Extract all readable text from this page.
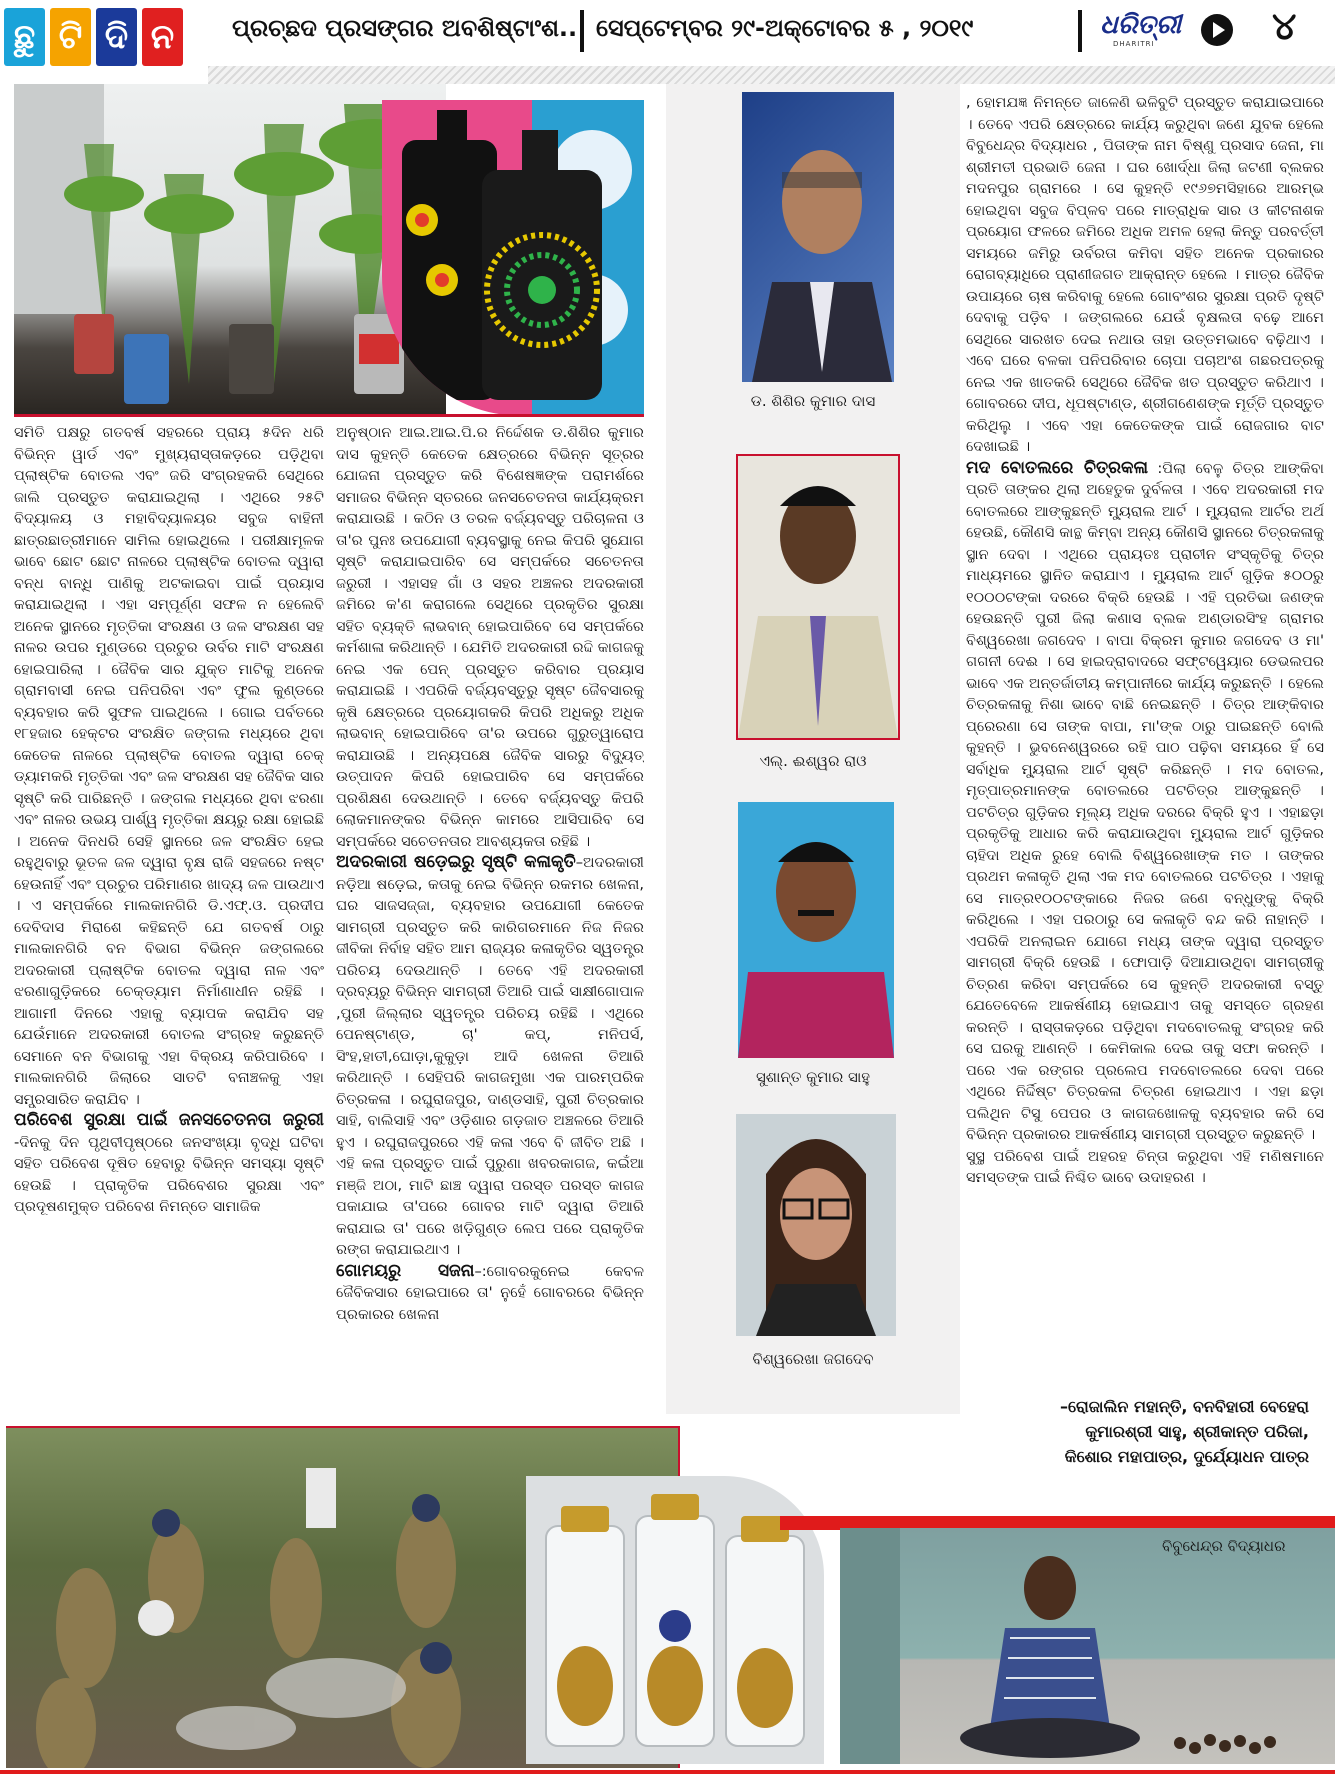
ଛୁ ଟି ଦି ନ	ପ୍ରଚ୍ଛଦ ପ୍ରସଙ୍ଗର ଅବଶିଷ୍ଟାଂଶ.. ସେପ୍ଟେମ୍ବର ୨୯-ଅକ୍ଟୋବର ୫ , ୨୦୧୯	ଧରିତ୍ରୀ
DHARITRI	୪

ସମିତି ପକ୍ଷରୁ ଗତବର୍ଷ ସହରରେ ପ୍ରାୟ ୫ଦିନ ଧରି ବିଭିନ୍ନ ୱାର୍ଡ ଏବଂ ମୁଖ୍ୟରାସ୍ତାକଡ଼ରେ ପଡ଼ିଥିବା ପ୍ଲାଷ୍ଟିକ ବୋତଲ ଏବଂ ଜରି ସଂଗ୍ରହକରି ସେଥିରେ ଜାଲି ପ୍ରସ୍ତୁତ କରାଯାଇଥିଲା । ଏଥିରେ ୨୫ଟି ବିଦ୍ୟାଳୟ ଓ ମହାବିଦ୍ୟାଳୟର ସବୁଜ ବାହିନୀ ଛାତ୍ରଛାତ୍ରୀମାନେ ସାମିଲ ହୋଇଥିଲେ । ପରୀକ୍ଷାମୂଳକ ଭାବେ ଛୋଟ ଛୋଟ ନାଳରେ ପ୍ଲାଷ୍ଟିକ ବୋତଲ ଦ୍ୱାରା ବନ୍ଧ ବାନ୍ଧି ପାଣିକୁ ଅଟକାଇବା ପାଇଁ ପ୍ରୟାସ କରାଯାଇଥିଲା । ଏହା ସମ୍ପୂର୍ଣ୍ଣ ସଫଳ ନ ହେଲେବି ଅନେକ ସ୍ଥାନରେ ମୃତ୍ତିକା ସଂରକ୍ଷଣ ଓ ଜଳ ସଂରକ୍ଷଣ ସହ ନାଳର ଉପର ମୁଣ୍ଡରେ ପ୍ରଚୁର ଉର୍ବର ମାଟି ସଂରକ୍ଷଣ ହୋଇପାରିଲା । ଜୈବିକ ସାର ଯୁକ୍ତ ମାଟିକୁ ଅନେକ ଗ୍ରାମବାସୀ ନେଇ ପନିପରିବା ଏବଂ ଫୁଲ କୁଣ୍ଡରେ ବ୍ୟବହାର କରି ସୁଫଳ ପାଇଥିଲେ । ଗୋଇ ପର୍ବତରେ ୧୮ହଜାର ହେକ୍ଟର ସଂରକ୍ଷିତ ଜଙ୍ଗଲ ମଧ୍ୟରେ ଥିବା କେତେକ ନାଳରେ ପ୍ଲାଷ୍ଟିକ ବୋତଲ ଦ୍ୱାରା ଚେକ୍ ଡ୍ୟାମକରି ମୃତ୍ତିକା ଏବଂ ଜଳ ସଂରକ୍ଷଣ ସହ ଜୈବିକ ସାର ସୃଷ୍ଟି କରି ପାରିଛନ୍ତି । ଜଙ୍ଗଲ ମଧ୍ୟରେ ଥିବା ଝରଣା ଏବଂ ନାଳର ଉଭୟ ପାର୍ଶ୍ୱ ମୃତ୍ତିକା କ୍ଷୟରୁ ରକ୍ଷା ହୋଇଛି । ଅନେକ ଦିନଧରି ସେହି ସ୍ଥାନରେ ଜଳ ସଂରକ୍ଷିତ ହେଇ ରହୁଥିବାରୁ ଭୂତଳ ଜଳ ଦ୍ୱାରା ବୃକ୍ଷ ରାଜି ସହଜରେ ନଷ୍ଟ ହେଉନାହିଁ ଏବଂ ପ୍ରଚୁର ପରିମାଣର ଖାଦ୍ୟ ଜଳ ପାଉଥାଏ । ଏ ସମ୍ପର୍କରେ ମାଲକାନଗିରି ଡି.ଏଫ୍.ଓ. ପ୍ରଦୀପ ଦେବିଦାସ ମିରାଶେ କହିଛନ୍ତି ଯେ ଗତବର୍ଷ ଠାରୁ ମାଲକାନଗିରି ବନ ବିଭାଗ ବିଭିନ୍ନ ଜଙ୍ଗଲରେ ଅଦରକାରୀ ପ୍ଲାଷ୍ଟିକ ବୋତଲ ଦ୍ୱାରା ନାଳ ଏବଂ ଝରଣାଗୁଡ଼ିକରେ ଚେକ୍ଡ୍ୟାମ ନିର୍ମାଣାଧୀନ ରହିଛି । ଆଗାମୀ ଦିନରେ ଏହାକୁ ବ୍ୟାପକ କରାଯିବ ସହ ଯେଉଁମାନେ ଅଦରକାରୀ ବୋତଲ ସଂଗ୍ରହ କରୁଛନ୍ତି ସେମାନେ ବନ ବିଭାଗକୁ ଏହା ବିକ୍ରୟ କରିପାରିବେ । ମାଲକାନଗିରି ଜିଲାରେ ସାତଟି ବନାଞ୍ଚଳକୁ ଏହା ସମ୍ପ୍ରସାରିତ କରାଯିବ ।

ପରିବେଶ ସୁରକ୍ଷା ପାଇଁ ଜନସଚେତନତା ଜରୁରୀ -ଦିନକୁ ଦିନ ପୃଥିବୀପୃଷ୍ଠରେ ଜନସଂଖ୍ୟା ବୃଦ୍ଧି ଘଟିବା ସହିତ ପରିବେଶ ଦୂଷିତ ହେବାରୁ ବିଭିନ୍ନ ସମସ୍ୟା ସୃଷ୍ଟି ହେଉଛି । ପ୍ରାକୃତିକ ପରିବେଶର ସୁରକ୍ଷା ଏବଂ ପ୍ରଦୂଷଣମୁକ୍ତ ପରିବେଶ ନିମନ୍ତେ ସାମାଜିକ

ଅନୁଷ୍ଠାନ ଆଇ.ଆଇ.ପି.ର ନିର୍ଦ୍ଦେଶକ ଡ.ଶିଶିର କୁମାର ଦାସ କୁହନ୍ତି କେତେକ କ୍ଷେତ୍ରରେ ବିଭିନ୍ନ ସୂତ୍ରର ଯୋଜନା ପ୍ରସ୍ତୁତ କରି ବିଶେଷଜ୍ଞଙ୍କ ପରାମର୍ଶରେ ସମାଜର ବିଭିନ୍ନ ସ୍ତରରେ ଜନସଚେତନତା କାର୍ଯ୍ୟକ୍ରମ କରାଯାଉଛି । କଠିନ ଓ ତରଳ ବର୍ଜ୍ୟବସ୍ତୁ ପରିଚାଳନା ଓ ତା'ର ପୁନଃ ଉପଯୋଗୀ ବ୍ୟବସ୍ଥାକୁ ନେଇ କିପରି ସୁଯୋଗ ସୃଷ୍ଟି କରାଯାଇପାରିବ ସେ ସମ୍ପର୍କରେ ସଚେତନତା ଜରୁରୀ । ଏହାସହ ଗାଁ ଓ ସହର ଅଞ୍ଚଳର ଅଦରକାରୀ ଜମିରେ କ'ଣ କରାଗଲେ ସେଥିରେ ପ୍ରକୃତିର ସୁରକ୍ଷା ସହିତ ବ୍ୟକ୍ତି ଲାଭବାନ୍ ହୋଇପାରିବେ ସେ ସମ୍ପର୍କରେ କର୍ମଶାଳା କରିଥାନ୍ତି । ଯେମିତି ଅଦରକାରୀ ରଦ୍ଦି କାଗଜକୁ ନେଇ ଏକ ପେନ୍ ପ୍ରସ୍ତୁତ କରିବାର ପ୍ରୟାସ କରାଯାଇଛି । ଏପରିକି ବର୍ଜ୍ୟବସ୍ତୁରୁ ସୃଷ୍ଟ ଜୈବସାରକୁ କୃଷି କ୍ଷେତ୍ରରେ ପ୍ରୟୋଗକରି କିପରି ଅଧିକରୁ ଅଧିକ ଲାଭବାନ୍ ହୋଇପାରିବେ ତା'ର ଉପରେ ଗୁରୁତ୍ୱାରୋପ କରାଯାଉଛି । ଅନ୍ୟପକ୍ଷେ ଜୈବିକ ସାରରୁ ବିଦ୍ୟୁତ୍ ଉତ୍ପାଦନ କିପରି ହୋଇପାରିବ ସେ ସମ୍ପର୍କରେ ପ୍ରଶିକ୍ଷଣ ଦେଉଥାନ୍ତି । ତେବେ ବର୍ଜ୍ୟବସ୍ତୁ କିପରି ଲୋକମାନଙ୍କର ବିଭିନ୍ନ କାମରେ ଆସିପାରିବ ସେ ସମ୍ପର୍କରେ ସଚେତନତାର ଆବଶ୍ୟକତା ରହିଛି ।

ଅଦରକାରୀ ଷଡ଼େଇରୁ ସୃଷ୍ଟି କଳାକୃତି–ଅଦରକାରୀ ନଡ଼ିଆ ଷଡ଼େଇ, କତାକୁ ନେଇ ବିଭିନ୍ନ ରକମର ଖେଳନା, ଘର ସାଜସଜ୍ଜା, ବ୍ୟବହାର ଉପଯୋଗୀ କେତେକ ସାମଗ୍ରୀ ପ୍ରସ୍ତୁତ କରି କାରିଗରମାନେ ନିଜ ନିଜର ଜୀବିକା ନିର୍ବାହ ସହିତ ଆମ ରାଜ୍ୟର କଳାକୃତିର ସ୍ୱତନ୍ତ୍ର ପରିଚୟ ଦେଉଥାନ୍ତି । ତେବେ ଏହି ଅଦରକାରୀ ଦ୍ରବ୍ୟରୁ ବିଭିନ୍ନ ସାମଗ୍ରୀ ତିଆରି ପାଇଁ ସାକ୍ଷୀଗୋପାଳ ,ପୁରୀ ଜିଲ୍ଲାର ସ୍ୱତନ୍ତ୍ର ପରିଚୟ ରହିଛି । ଏଥିରେ ପେନଷ୍ଟାଣ୍ଡ, ଚା' କପ୍, ମନିପର୍ସ, ସିଂହ,ହାତୀ,ଘୋଡ଼ା,କୁକୁଡ଼ା ଆଦି ଖେଳନା ତିଆରି କରିଥାନ୍ତି । ସେହିପରି କାଗଜମୁଖା ଏକ ପାରମ୍ପରିକ ଚିତ୍ରକଳା । ରଘୁରାଜପୁର, ଦାଣ୍ଡସାହି, ପୁରୀ ଚିତ୍ରକାର ସାହି, ବାଲିସାହି ଏବଂ ଓଡ଼ିଶାର ଗଡ଼ଜାତ ଅଞ୍ଚଳରେ ତିଆରି ହୁଏ । ରଘୁରାଜପୁରରେ ଏହି କଳା ଏବେ ବି ଜୀବିତ ଅଛି । ଏହି କଳା ପ୍ରସ୍ତୁତ ପାଇଁ ପୁରୁଣା ଖବରକାଗଜ, କଇଁଆ ମଞ୍ଜି ଅଠା, ମାଟି ଛାଞ୍ଚ ଦ୍ୱାରା ପରସ୍ତ ପରସ୍ତ କାଗଜ ପକାଯାଇ ତା'ପରେ ଗୋବର ମାଟି ଦ୍ୱାରା ତିଆରି କରାଯାଇ ତା' ପରେ ଖଡ଼ିଗୁଣ୍ଡ ଲେପ ପରେ ପ୍ରାକୃତିକ ରଙ୍ଗ କରାଯାଇଥାଏ ।

ଗୋମୟରୁ ସଜନା–:ଗୋବରକୁନେଇ କେବଳ ଜୈବିକସାର ହୋଇପାରେ ତା' ନୁହେଁ ଗୋବରରେ ବିଭିନ୍ନ ପ୍ରକାରର ଖେଳନା

ଡ. ଶିଶିର କୁମାର ଦାସ
ଏଲ୍. ଈଶ୍ୱର ରାଓ
ସୁଶାନ୍ତ କୁମାର ସାହୁ
ବିଶ୍ୱରେଖା ଜଗଦେବ

, ହୋମଯଜ୍ଞ ନିମନ୍ତେ ଜାଳେଣି ଭଳିବୁଟି ପ୍ରସ୍ତୁତ କରାଯାଇପାରେ । ତେବେ ଏପରି କ୍ଷେତ୍ରରେ କାର୍ଯ୍ୟ କରୁଥିବା ଜଣେ ଯୁବକ ହେଲେ ବିବୁଧେନ୍ଦ୍ର ବିଦ୍ୟାଧର , ପିତାଙ୍କ ନାମ ବିଷ୍ଣୁ ପ୍ରସାଦ ଜେନା, ମା ଶ୍ରୀମତୀ ପ୍ରଭାତି ଜେନା । ଘର ଖୋର୍ଦ୍ଧା ଜିଲା ଜଟଣୀ ବ୍ଲକର ମଦନପୁର ଗ୍ରାମରେ । ସେ କୁହନ୍ତି ୧୯୬୭ମସିହାରେ ଆରମ୍ଭ ହୋଇଥିବା ସବୁଜ ବିପ୍ଳବ ପରେ ମାତ୍ରାଧିକ ସାର ଓ କୀଟନାଶକ ପ୍ରୟୋଗ ଫଳରେ ଜମିରେ ଅଧିକ ଅମଳ ହେଲା କିନ୍ତୁ ପରବର୍ତ୍ତୀ ସମୟରେ ଜମିରୁ ଉର୍ବରତା କମିବା ସହିତ ଅନେକ ପ୍ରକାରର ରୋଗବ୍ୟାଧିରେ ପ୍ରାଣୀଜଗତ ଆକ୍ରାନ୍ତ ହେଲେ । ମାତ୍ର ଜୈବିକ ଉପାୟରେ ଚାଷ କରିବାକୁ ହେଲେ ଗୋବଂଶର ସୁରକ୍ଷା ପ୍ରତି ଦୃଷ୍ଟି ଦେବାକୁ ପଡ଼ିବ । ଜଙ୍ଗଲରେ ଯେଉଁ ବୃକ୍ଷଲତା ବଢ଼େ ଆମେ ସେଥିରେ ସାରଖତ ଦେଇ ନଥାଉ ତାହା ଉତ୍ତମଭାବେ ବଢ଼ିଥାଏ । ଏବେ ଘରେ ବଳକା ପନିପରିବାର ଚୋପା ପଚାଅଂଶ ଗଛରପତ୍ରକୁ ନେଇ ଏକ ଖାତକରି ସେଥିରେ ଜୈବିକ ଖତ ପ୍ରସ୍ତୁତ କରିଥାଏ । ଗୋବରରେ ଦୀପ, ଧୂପଷ୍ଟାଣ୍ଡ, ଶ୍ରୀଗଣେଶଙ୍କ ମୂର୍ତ୍ତି ପ୍ରସ୍ତୁତ କରିଥିଲୁ । ଏବେ ଏହା କେତେକଙ୍କ ପାଇଁ ରୋଜଗାର ବାଟ ଦେଖାଇଛି ।

ମଦ ବୋତଲରେ ଚିତ୍ରକଳା :ପିଲା ବେଳୁ ଚିତ୍ର ଆଙ୍କିବା ପ୍ରତି ତାଙ୍କର ଥିଲା ଅହେତୁକ ଦୁର୍ବଳତା । ଏବେ ଅଦରକାରୀ ମଦ ବୋତଲରେ ଆଙ୍କୁଛନ୍ତି ମ୍ୟୁରାଲ ଆର୍ଟ । ମ୍ୟୁରାଲ ଆର୍ଟର ଅର୍ଥ ହେଉଛି, କୌଣସି କାନ୍ଥ କିମ୍ବା ଅନ୍ୟ କୌଣସି ସ୍ଥାନରେ ଚିତ୍ରକଳାକୁ ସ୍ଥାନ ଦେବା । ଏଥିରେ ପ୍ରାୟତଃ ପ୍ରାଚୀନ ସଂସ୍କୃତିକୁ ଚିତ୍ର ମାଧ୍ୟମରେ ସ୍ଥାନିତ କରାଯାଏ । ମ୍ୟୁରାଲ ଆର୍ଟ ଗୁଡ଼ିକ ୫୦୦ରୁ ୧୦୦୦ଟଙ୍କା ଦରରେ ବିକ୍ରି ହେଉଛି । ଏହି ପ୍ରତିଭା ଜଣଙ୍କ ହେଉଛନ୍ତି ପୁରୀ ଜିଲା କଣାସ ବ୍ଲକ ଅଣ୍ଡାରସିଂହ ଗ୍ରାମର ବିଶ୍ୱରେଖା ଜଗଦେବ । ବାପା ବିକ୍ରମ କୁମାର ଜଗଦେବ ଓ ମା' ଗଗନୀ ଦେଈ । ସେ ହାଇଦ୍ରାବାଦରେ ସଫ୍ଟୱେୟାର ଡେଭଲପର ଭାବେ ଏକ ଅନ୍ତର୍ଜାତୀୟ କମ୍ପାନୀରେ କାର୍ଯ୍ୟ କରୁଛନ୍ତି । ହେଲେ ଚିତ୍ରକଳାକୁ ନିଶା ଭାବେ ବାଛି ନେଇଛନ୍ତି । ଚିତ୍ର ଆଙ୍କିବାର ପ୍ରେରଣା ସେ ତାଙ୍କ ବାପା, ମା'ଙ୍କ ଠାରୁ ପାଇଛନ୍ତି ବୋଲି କୁହନ୍ତି । ଭୁବନେଶ୍ୱରରେ ରହି ପାଠ ପଢ଼ିବା ସମୟରେ ହିଁ ସେ ସର୍ବାଧିକ ମ୍ୟୁରାଲ ଆର୍ଟ ସୃଷ୍ଟି କରିଛନ୍ତି । ମଦ ବୋତଲ, ମୃତ୍ପାତ୍ରମାନଙ୍କ ବୋତଲରେ ପଟଚିତ୍ର ଆଙ୍କୁଛନ୍ତି । ପଟଚିତ୍ର ଗୁଡ଼ିକର ମୂଲ୍ୟ ଅଧିକ ଦରରେ ବିକ୍ରି ହୁଏ । ଏହାଛଡ଼ା ପ୍ରକୃତିକୁ ଆଧାର କରି କରାଯାଉଥିବା ମ୍ୟୁରାଲ ଆର୍ଟ ଗୁଡ଼ିକର ଚାହିଦା ଅଧିକ ରୁହେ ବୋଲି ବିଶ୍ୱରେଖାଙ୍କ ମତ । ତାଙ୍କର ପ୍ରଥମ କଳାକୃତି ଥିଲା ଏକ ମଦ ବୋତଲରେ ପଟଚିତ୍ର । ଏହାକୁ ସେ ମାତ୍ର୧୦୦ଟଙ୍କାରେ ନିଜର ଜଣେ ବନ୍ଧୁଙ୍କୁ ବିକ୍ରି କରିଥିଲେ । ଏହା ପରଠାରୁ ସେ କଳାକୃତି ବନ୍ଦ କରି ନାହାନ୍ତି । ଏପରିକି ଅନଲାଇନ ଯୋଗେ ମଧ୍ୟ ତାଙ୍କ ଦ୍ୱାରା ପ୍ରସ୍ତୁତ ସାମଗ୍ରୀ ବିକ୍ରି ହେଉଛି । ଫୋପାଡ଼ି ଦିଆଯାଉଥିବା ସାମଗ୍ରୀକୁ ଚିତ୍ରଣ କରିବା ସମ୍ପର୍କରେ ସେ କୁହନ୍ତି ଅଦରକାରୀ ବସ୍ତୁ ଯେତେବେଳେ ଆକର୍ଷଣୀୟ ହୋଇଯାଏ ତାକୁ ସମସ୍ତେ ଗ୍ରହଣ କରନ୍ତି । ରାସ୍ତାକଡ଼ରେ ପଡ଼ିଥିବା ମଦବୋତଲକୁ ସଂଗ୍ରହ କରି ସେ ଘରକୁ ଆଣନ୍ତି । କେମିକାଲ ଦେଇ ତାକୁ ସଫା କରନ୍ତି । ପରେ ଏକ ରଙ୍ଗର ପ୍ରଲେପ ମଦବୋତଲରେ ଦେବା ପରେ ଏଥିରେ ନିର୍ଦ୍ଦିଷ୍ଟ ଚିତ୍ରକଳା ଚିତ୍ରଣ ହୋଇଥାଏ । ଏହା ଛଡ଼ା ପଲିଥିନ ଟିସୁ ପେପର ଓ କାଗଜଖୋଳକୁ ବ୍ୟବହାର କରି ସେ ବିଭିନ୍ନ ପ୍ରକାରର ଆକର୍ଷଣୀୟ ସାମଗ୍ରୀ ପ୍ରସ୍ତୁତ କରୁଛନ୍ତି ।

ସୁସ୍ଥ ପରିବେଶ ପାଇଁ ଅହରହ ଚିନ୍ତା କରୁଥିବା ଏହି ମଣିଷମାନେ ସମସ୍ତଙ୍କ ପାଇଁ ନିଶ୍ଚିତ ଭାବେ ଉଦାହରଣ ।

–ରୋଜାଲିନ ମହାନ୍ତି, ବନବିହାରୀ ବେହେରା
କୁମାରଶ୍ରୀ ସାହୁ, ଶ୍ରୀକାନ୍ତ ପରିଜା,
କିଶୋର ମହାପାତ୍ର, ଦୁର୍ଯ୍ୟୋଧନ ପାତ୍ର
ବିବୁଧେନ୍ଦ୍ର ବିଦ୍ୟାଧର
